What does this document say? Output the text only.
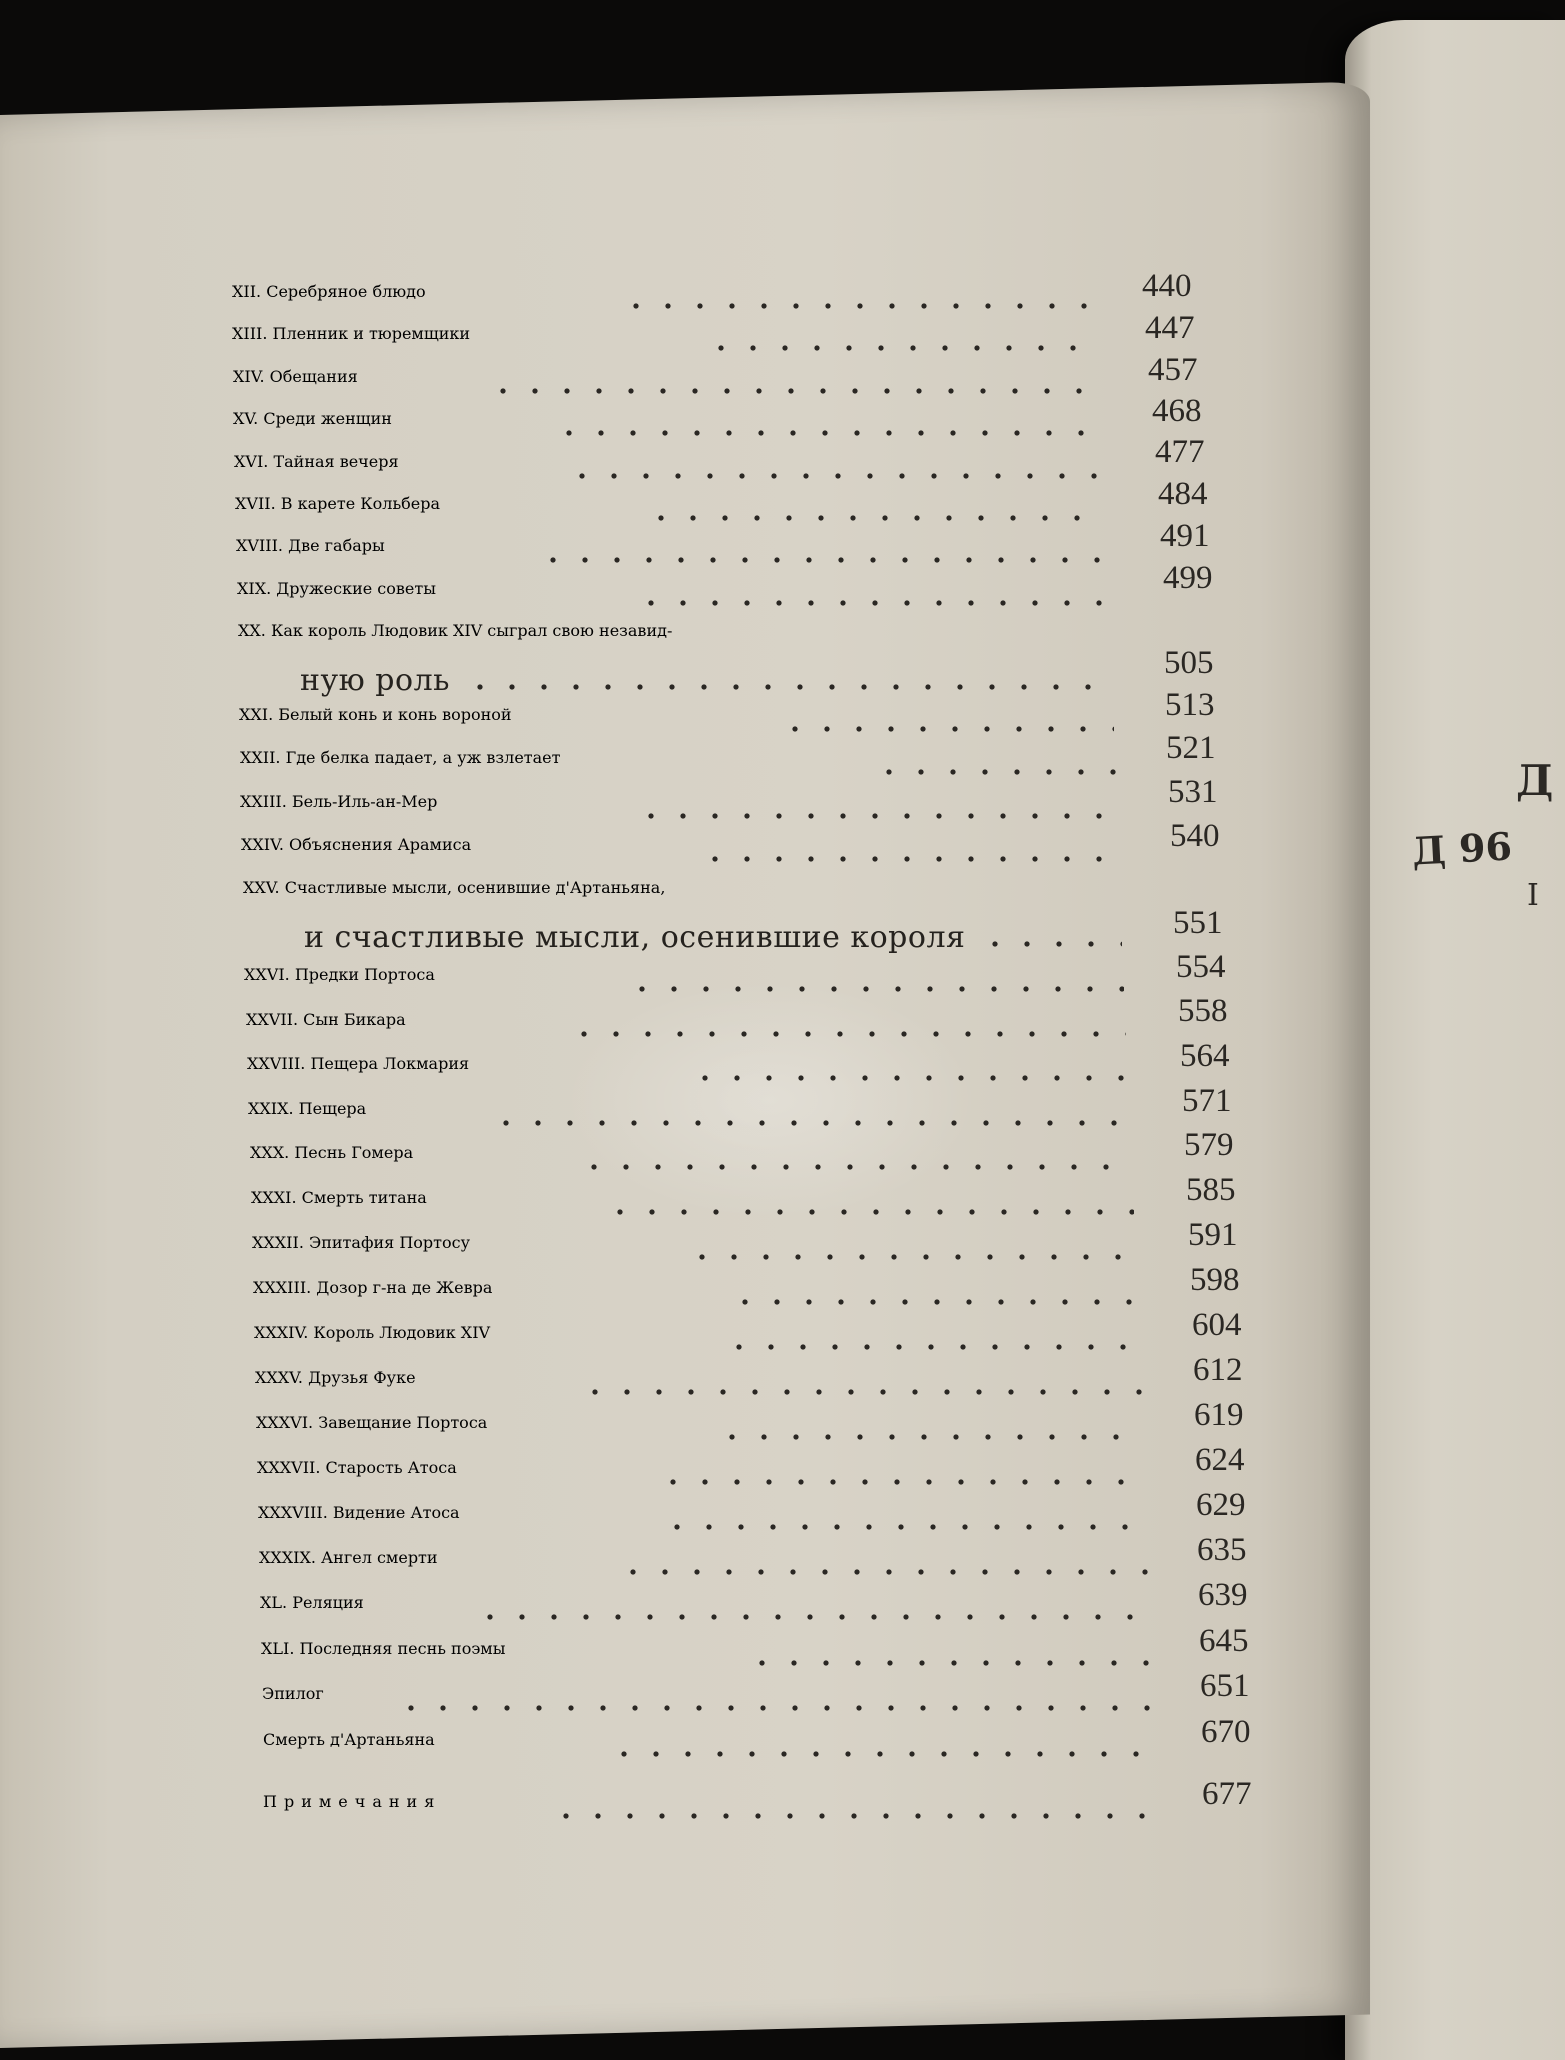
Д
Д 96
I
XII. Серебряное блюдо	440
XIII. Пленник и тюремщики	447
XIV. Обещания	457
XV. Среди женщин	468
XVI. Тайная вечеря	477
XVII. В карете Кольбера	484
XVIII. Две габары	491
XIX. Дружеские советы	499
XX. Как король Людовик XIV сыграл свою незавид-
ную роль	505
XXI. Белый конь и конь вороной	513
XXII. Где белка падает, а уж взлетает	521
XXIII. Бель-Иль-ан-Мер	531
XXIV. Объяснения Арамиса	540
XXV. Счастливые мысли, осенившие д'Артаньяна,
и счастливые мысли, осенившие короля	551
XXVI. Предки Портоса	554
XXVII. Сын Бикара	558
XXVIII. Пещера Локмария	564
XXIX. Пещера	571
XXX. Песнь Гомера	579
XXXI. Смерть титана	585
XXXII. Эпитафия Портосу	591
XXXIII. Дозор г-на де Жевра	598
XXXIV. Король Людовик XIV	604
XXXV. Друзья Фуке	612
XXXVI. Завещание Портоса	619
XXXVII. Старость Атоса	624
XXXVIII. Видение Атоса	629
XXXIX. Ангел смерти	635
XL. Реляция	639
XLI. Последняя песнь поэмы	645
Эпилог	651
Смерть д'Артаньяна	670
Примечания	677
